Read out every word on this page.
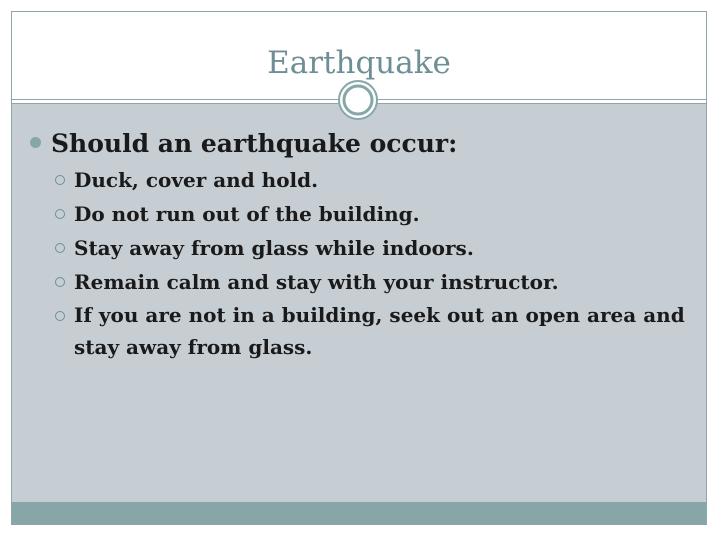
Earthquake
Should an earthquake occur:
Duck, cover and hold.
Do not run out of the building.
Stay away from glass while indoors.
Remain calm and stay with your instructor.
If you are not in a building, seek out an open area and stay away from glass.
